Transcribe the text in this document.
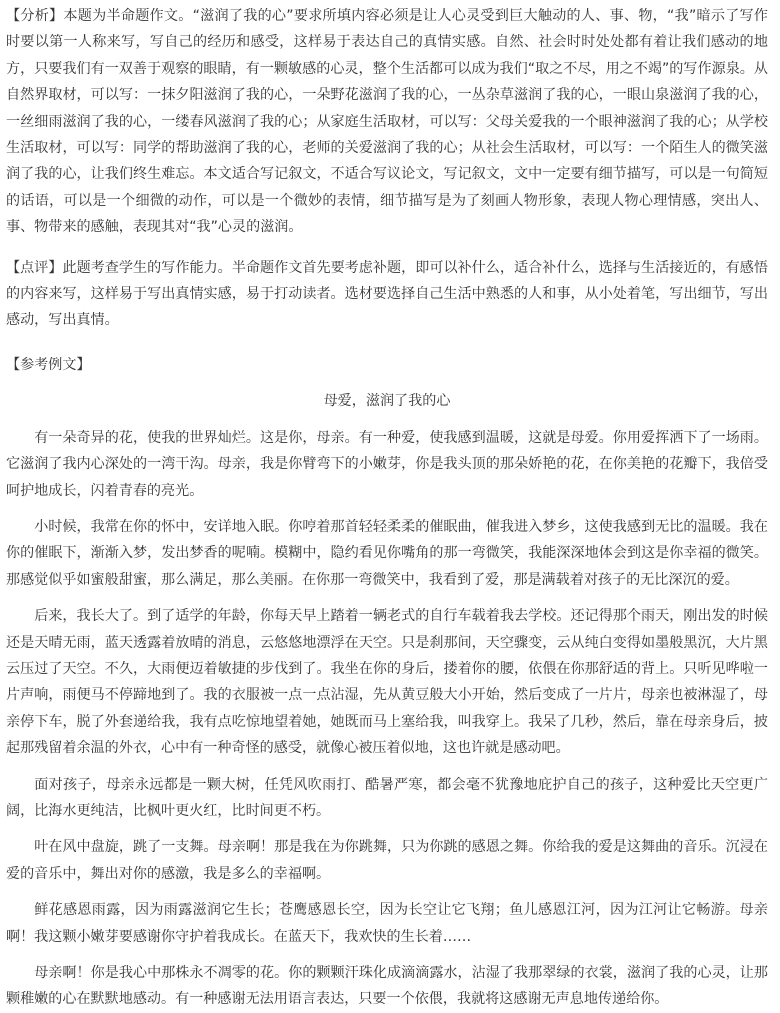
【分析】本题为半命题作文。“滋润了我的心”要求所填内容必须是让人心灵受到巨大触动的人、事、物，“我”暗示了写作时要以第一人称来写，写自己的经历和感受，这样易于表达自己的真情实感。自然、社会时时处处都有着让我们感动的地方，只要我们有一双善于观察的眼睛，有一颗敏感的心灵，整个生活都可以成为我们“取之不尽，用之不竭”的写作源泉。从自然界取材，可以写：一抹夕阳滋润了我的心，一朵野花滋润了我的心，一丛杂草滋润了我的心，一眼山泉滋润了我的心，一丝细雨滋润了我的心，一缕春风滋润了我的心；从家庭生活取材，可以写：父母关爱我的一个眼神滋润了我的心；从学校生活取材，可以写：同学的帮助滋润了我的心，老师的关爱滋润了我的心；从社会生活取材，可以写：一个陌生人的微笑滋润了我的心，让我们终生难忘。本文适合写记叙文，不适合写议论文，写记叙文，文中一定要有细节描写，可以是一句简短的话语，可以是一个细微的动作，可以是一个微妙的表情，细节描写是为了刻画人物形象，表现人物心理情感，突出人、事、物带来的感触，表现其对“我”心灵的滋润。

【点评】此题考查学生的写作能力。半命题作文首先要考虑补题，即可以补什么，适合补什么，选择与生活接近的，有感悟的内容来写，这样易于写出真情实感，易于打动读者。选材要选择自己生活中熟悉的人和事，从小处着笔，写出细节，写出感动，写出真情。

【参考例文】

母爱，滋润了我的心

有一朵奇异的花，使我的世界灿烂。这是你，母亲。有一种爱，使我感到温暖，这就是母爱。你用爱挥洒下了一场雨。它滋润了我内心深处的一湾干沟。母亲，我是你臂弯下的小嫩芽，你是我头顶的那朵娇艳的花，在你美艳的花瓣下，我倍受呵护地成长，闪着青春的亮光。

小时候，我常在你的怀中，安详地入眠。你哼着那首轻轻柔柔的催眠曲，催我进入梦乡，这使我感到无比的温暖。我在你的催眠下，渐渐入梦，发出梦香的呢喃。模糊中，隐约看见你嘴角的那一弯微笑，我能深深地体会到这是你幸福的微笑。那感觉似乎如蜜般甜蜜，那么满足，那么美丽。在你那一弯微笑中，我看到了爱，那是满载着对孩子的无比深沉的爱。

后来，我长大了。到了适学的年龄，你每天早上踏着一辆老式的自行车载着我去学校。还记得那个雨天，刚出发的时候还是天晴无雨，蓝天透露着放晴的消息，云悠悠地漂浮在天空。只是刹那间，天空骤变，云从纯白变得如墨般黑沉，大片黑云压过了天空。不久，大雨便迈着敏捷的步伐到了。我坐在你的身后，搂着你的腰，依偎在你那舒适的背上。只听见哗啦一片声响，雨便马不停蹄地到了。我的衣服被一点一点沾湿，先从黄豆般大小开始，然后变成了一片片，母亲也被淋湿了，母亲停下车，脱了外套递给我，我有点吃惊地望着她，她既而马上塞给我，叫我穿上。我呆了几秒，然后，靠在母亲身后，披起那残留着余温的外衣，心中有一种奇怪的感受，就像心被压着似地，这也许就是感动吧。

面对孩子，母亲永远都是一颗大树，任凭风吹雨打、酷暑严寒，都会毫不犹豫地庇护自己的孩子，这种爱比天空更广阔，比海水更纯洁，比枫叶更火红，比时间更不朽。

叶在风中盘旋，跳了一支舞。母亲啊！那是我在为你跳舞，只为你跳的感恩之舞。你给我的爱是这舞曲的音乐。沉浸在爱的音乐中，舞出对你的感激，我是多么的幸福啊。

鲜花感恩雨露，因为雨露滋润它生长；苍鹰感恩长空，因为长空让它飞翔；鱼儿感恩江河，因为江河让它畅游。母亲啊！我这颗小嫩芽要感谢你守护着我成长。在蓝天下，我欢快的生长着……

母亲啊！你是我心中那株永不凋零的花。你的颗颗汗珠化成滴滴露水，沾湿了我那翠绿的衣裳，滋润了我的心灵，让那颗稚嫩的心在默默地感动。有一种感谢无法用语言表达，只要一个依偎，我就将这感谢无声息地传递给你。
